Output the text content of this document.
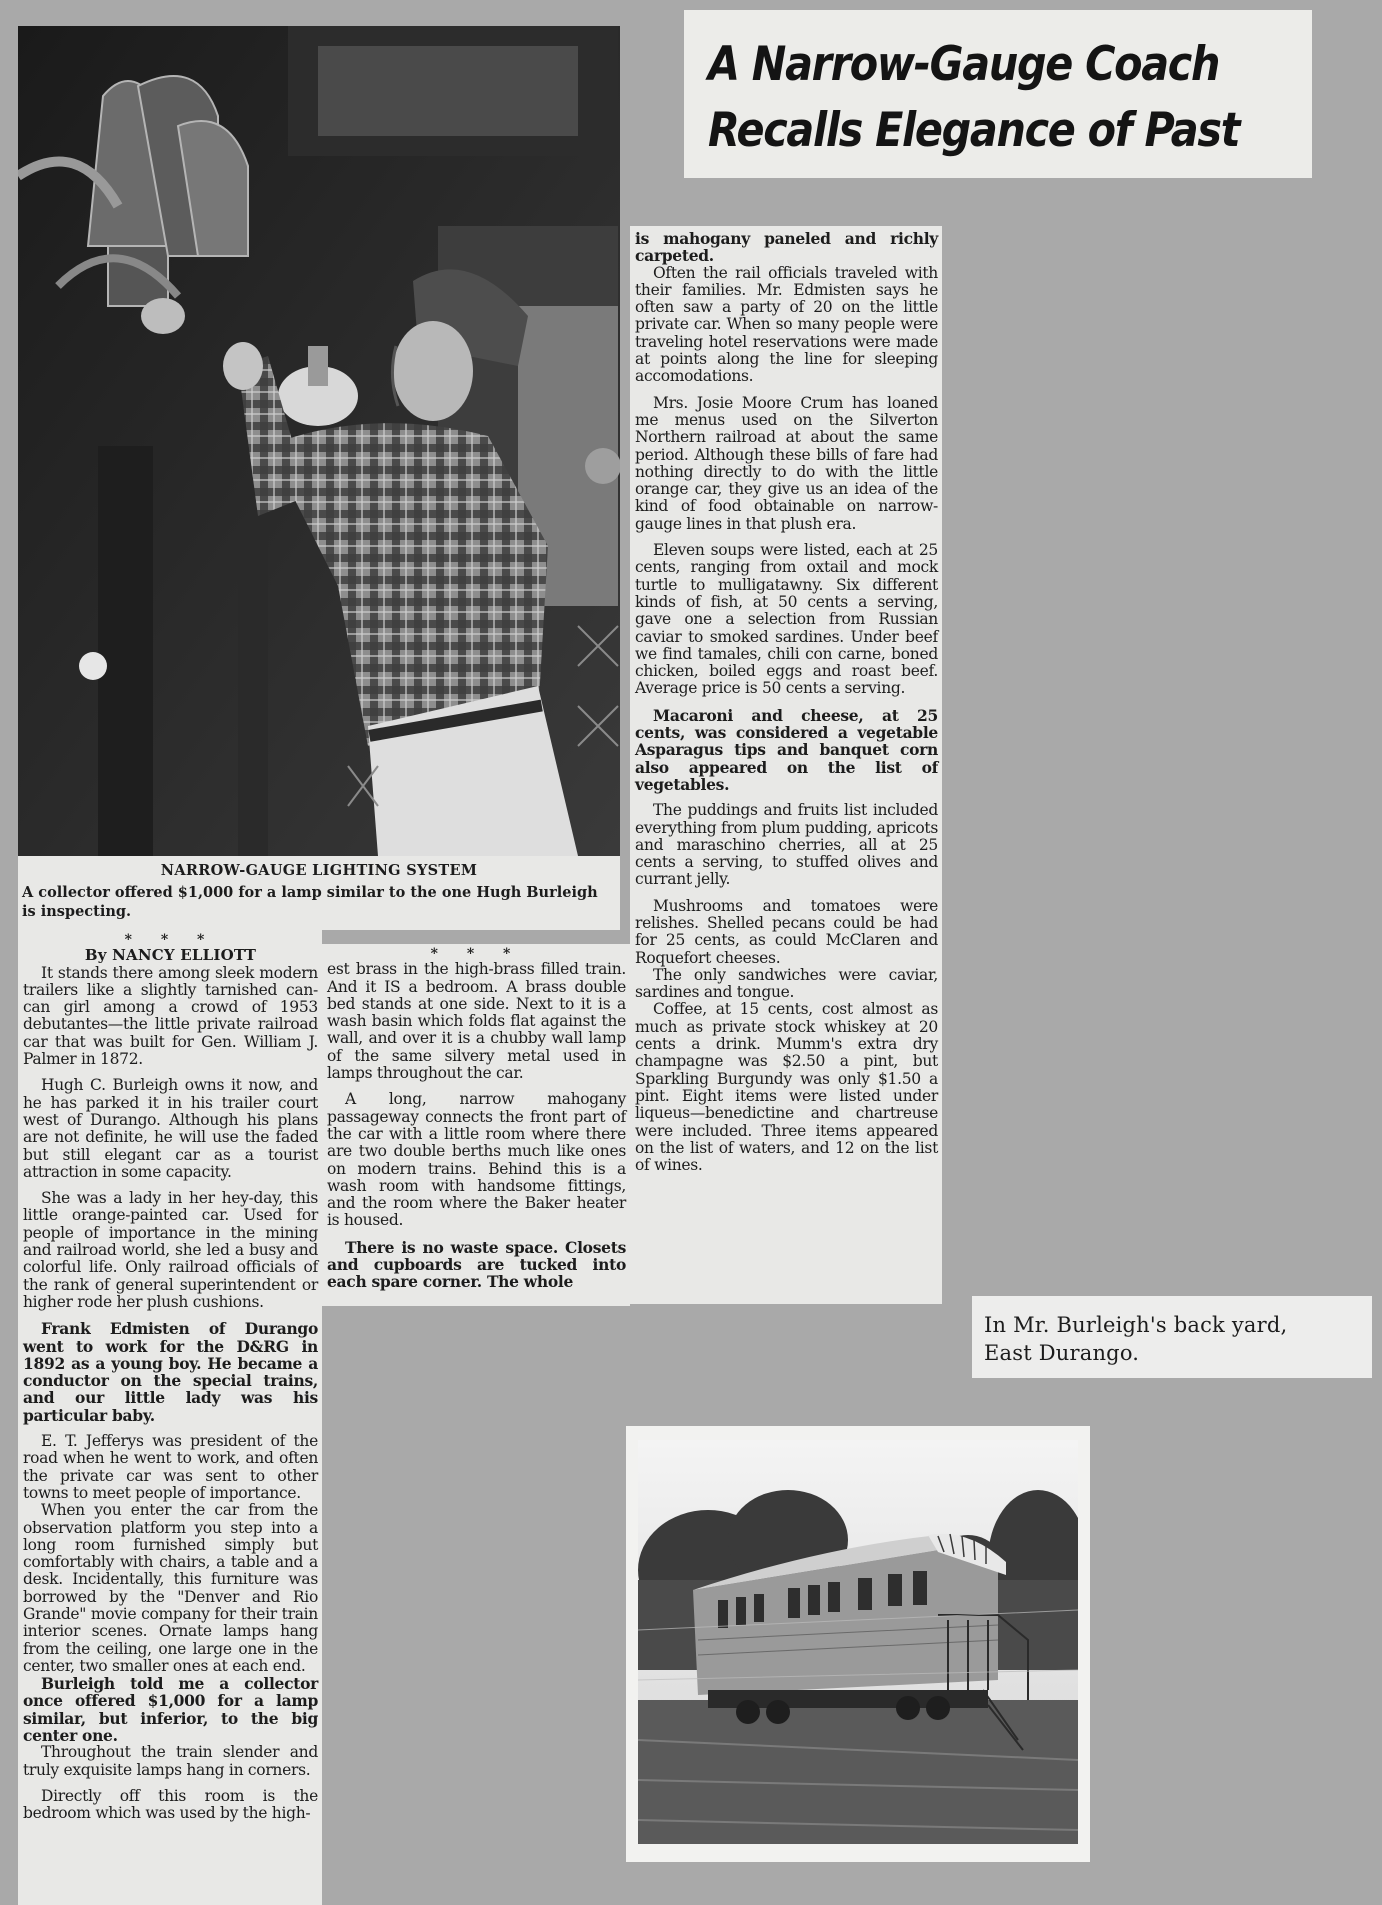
A Narrow-Gauge Coach
Recalls Elegance of Past
NARROW-GAUGE LIGHTING SYSTEM
A collector offered $1,000 for a lamp similar to the one Hugh Burleigh is inspecting.
* * *
By NANCY ELLIOTT

It stands there among sleek modern trailers like a slightly tarnished can-can girl among a crowd of 1953 debutantes—the little private railroad car that was built for Gen. William J. Palmer in 1872.

Hugh C. Burleigh owns it now, and he has parked it in his trailer court west of Durango. Although his plans are not definite, he will use the faded but still elegant car as a tourist attraction in some capacity.

She was a lady in her hey-day, this little orange-painted car. Used for people of importance in the mining and railroad world, she led a busy and colorful life. Only railroad officials of the rank of general superintendent or higher rode her plush cushions.

Frank Edmisten of Durango went to work for the D&RG in 1892 as a young boy. He became a conductor on the special trains, and our little lady was his particular baby.

E. T. Jefferys was president of the road when he went to work, and often the private car was sent to other towns to meet people of importance.

When you enter the car from the observation platform you step into a long room furnished simply but comfortably with chairs, a table and a desk. Incidentally, this furniture was borrowed by the "Denver and Rio Grande" movie company for their train interior scenes. Ornate lamps hang from the ceiling, one large one in the center, two smaller ones at each end.

Burleigh told me a collector once offered $1,000 for a lamp similar, but inferior, to the big center one.

Throughout the train slender and truly exquisite lamps hang in corners.

Directly off this room is the bedroom which was used by the high-

* * *

est brass in the high-brass filled train. And it IS a bedroom. A brass double bed stands at one side. Next to it is a wash basin which folds flat against the wall, and over it is a chubby wall lamp of the same silvery metal used in lamps throughout the car.

A long, narrow mahogany passageway connects the front part of the car with a little room where there are two double berths much like ones on modern trains. Behind this is a wash room with handsome fittings, and the room where the Baker heater is housed.

There is no waste space. Closets and cupboards are tucked into each spare corner. The whole

is mahogany paneled and richly carpeted.

Often the rail officials traveled with their families. Mr. Edmisten says he often saw a party of 20 on the little private car. When so many people were traveling hotel reservations were made at points along the line for sleeping accomodations.

Mrs. Josie Moore Crum has loaned me menus used on the Silverton Northern railroad at about the same period. Although these bills of fare had nothing directly to do with the little orange car, they give us an idea of the kind of food obtainable on narrow-gauge lines in that plush era.

Eleven soups were listed, each at 25 cents, ranging from oxtail and mock turtle to mulligatawny. Six different kinds of fish, at 50 cents a serving, gave one a selection from Russian caviar to smoked sardines. Under beef we find tamales, chili con carne, boned chicken, boiled eggs and roast beef. Average price is 50 cents a serving.

Macaroni and cheese, at 25 cents, was considered a vegetable Asparagus tips and banquet corn also appeared on the list of vegetables.

The puddings and fruits list included everything from plum pudding, apricots and maraschino cherries, all at 25 cents a serving, to stuffed olives and currant jelly.

Mushrooms and tomatoes were relishes. Shelled pecans could be had for 25 cents, as could McClaren and Roquefort cheeses.

The only sandwiches were caviar, sardines and tongue.

Coffee, at 15 cents, cost almost as much as private stock whiskey at 20 cents a drink. Mumm's extra dry champagne was $2.50 a pint, but Sparkling Burgundy was only $1.50 a pint. Eight items were listed under liqueus—benedictine and chartreuse were included. Three items appeared on the list of waters, and 12 on the list of wines.

In Mr. Burleigh's back yard,
East Durango.
